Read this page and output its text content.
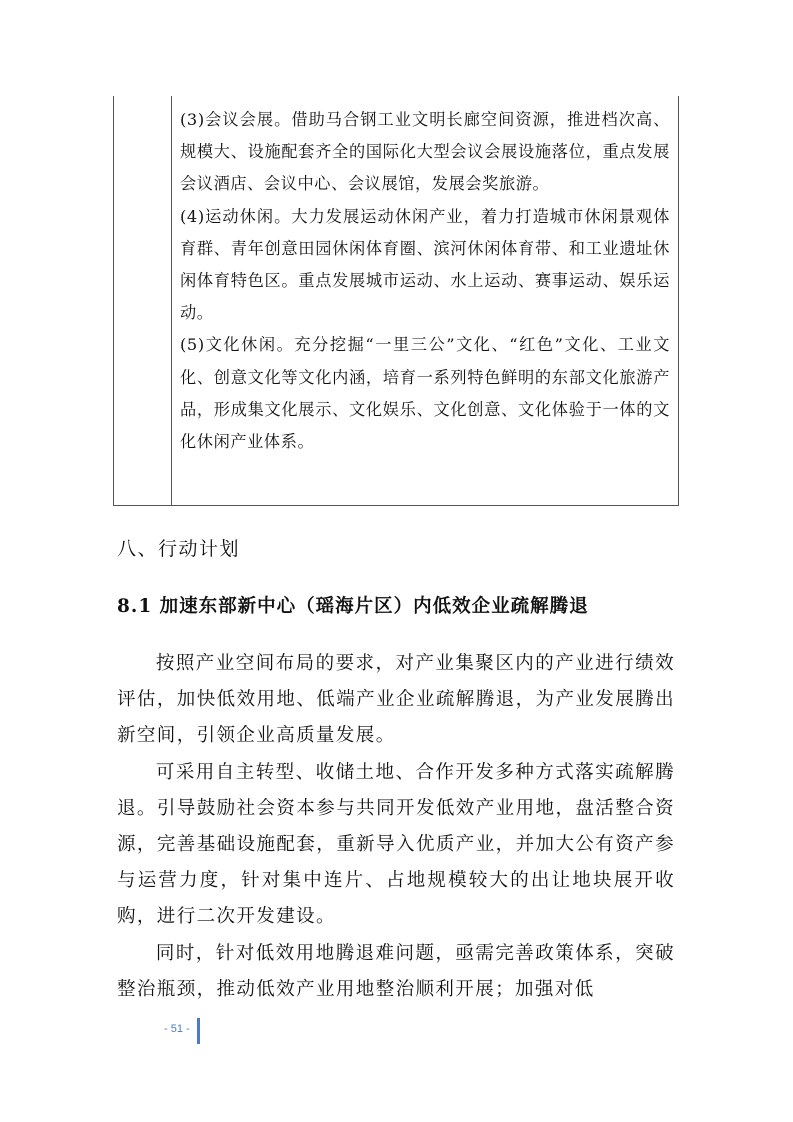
(3)会议会展。借助马合钢工业文明长廊空间资源，推进档次高、规模大、设施配套齐全的国际化大型会议会展设施落位，重点发展会议酒店、会议中心、会议展馆，发展会奖旅游。

(4)运动休闲。大力发展运动休闲产业，着力打造城市休闲景观体育群、青年创意田园休闲体育圈、滨河休闲体育带、和工业遗址休闲体育特色区。重点发展城市运动、水上运动、赛事运动、娱乐运动。

(5)文化休闲。充分挖掘“一里三公”文化、“红色”文化、工业文化、创意文化等文化内涵，培育一系列特色鲜明的东部文化旅游产品，形成集文化展示、文化娱乐、文化创意、文化体验于一体的文化休闲产业体系。

八、行动计划
8.1 加速东部新中心（瑶海片区）内低效企业疏解腾退

按照产业空间布局的要求，对产业集聚区内的产业进行绩效评估，加快低效用地、低端产业企业疏解腾退，为产业发展腾出新空间，引领企业高质量发展。

可采用自主转型、收储土地、合作开发多种方式落实疏解腾退。引导鼓励社会资本参与共同开发低效产业用地，盘活整合资源，完善基础设施配套，重新导入优质产业，并加大公有资产参与运营力度，针对集中连片、占地规模较大的出让地块展开收购，进行二次开发建设。

同时，针对低效用地腾退难问题，亟需完善政策体系，突破整治瓶颈，推动低效产业用地整治顺利开展；加强对低

- 51 -
